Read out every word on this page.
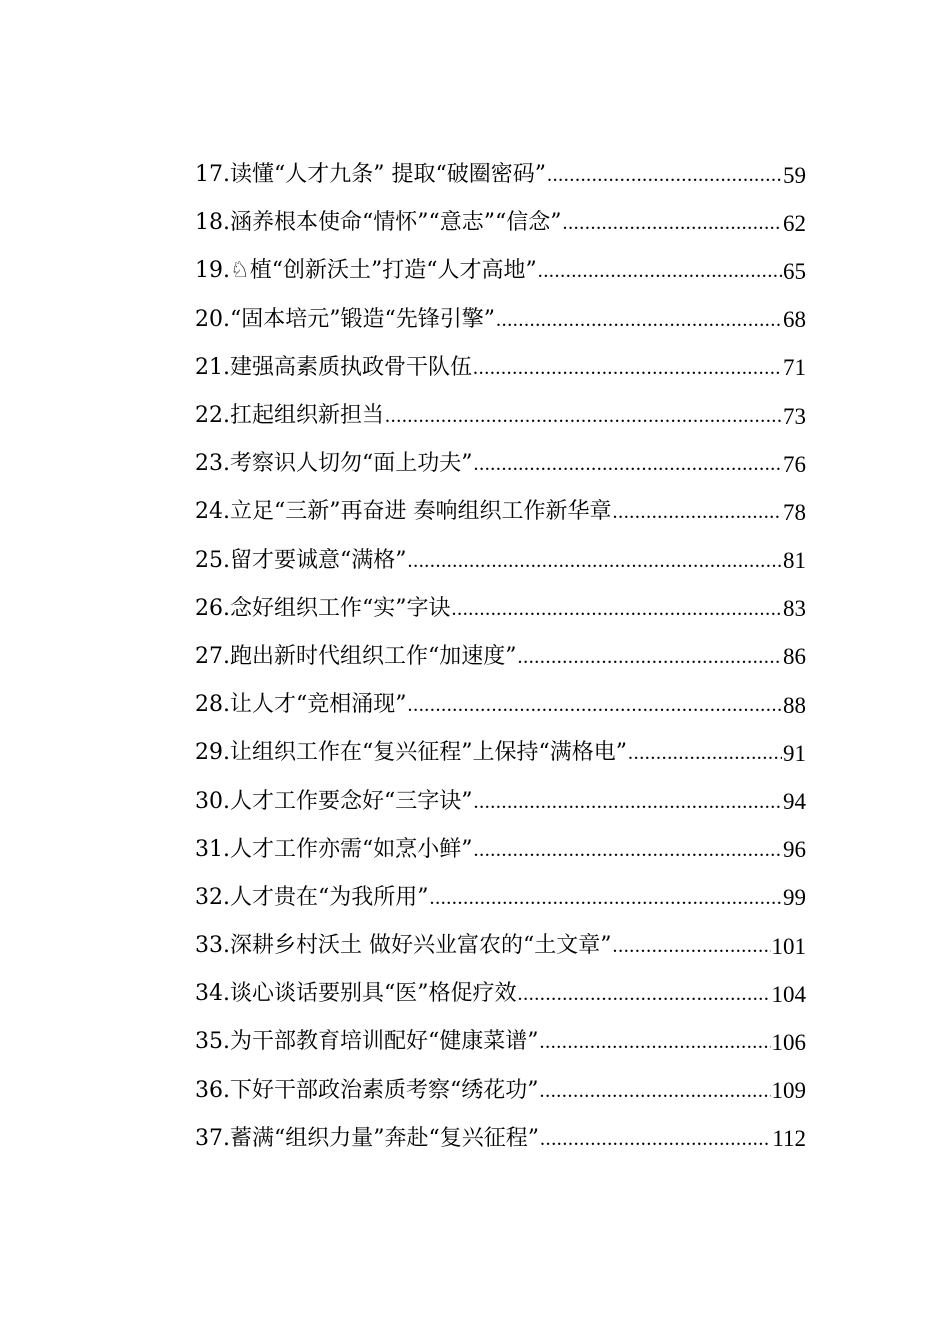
17. 读懂“人才九条” 提取“破圈密码” .....	59
18. 涵养根本使命“情怀”“意志”“信念” .....	62
19. ♘植“创新沃土”打造“人才高地” .....	65
20. “固本培元”锻造“先锋引擎” .....	68
21. 建强高素质执政骨干队伍 .....	71
22. 扛起组织新担当 .....	73
23. 考察识人切勿“面上功夫” .....	76
24. 立足“三新”再奋进 奏响组织工作新华章 .....	78
25. 留才要诚意“满格” .....	81
26. 念好组织工作“实”字诀 .....	83
27. 跑出新时代组织工作“加速度” .....	86
28. 让人才“竞相涌现” .....	88
29. 让组织工作在“复兴征程”上保持“满格电” .....	91
30. 人才工作要念好“三字诀” .....	94
31. 人才工作亦需“如烹小鲜” .....	96
32. 人才贵在“为我所用” .....	99
33. 深耕乡村沃土 做好兴业富农的“土文章” .....	101
34. 谈心谈话要别具“医”格促疗效 .....	104
35. 为干部教育培训配好“健康菜谱” .....	106
36. 下好干部政治素质考察“绣花功” .....	109
37. 蓄满“组织力量”奔赴“复兴征程” .....	112
